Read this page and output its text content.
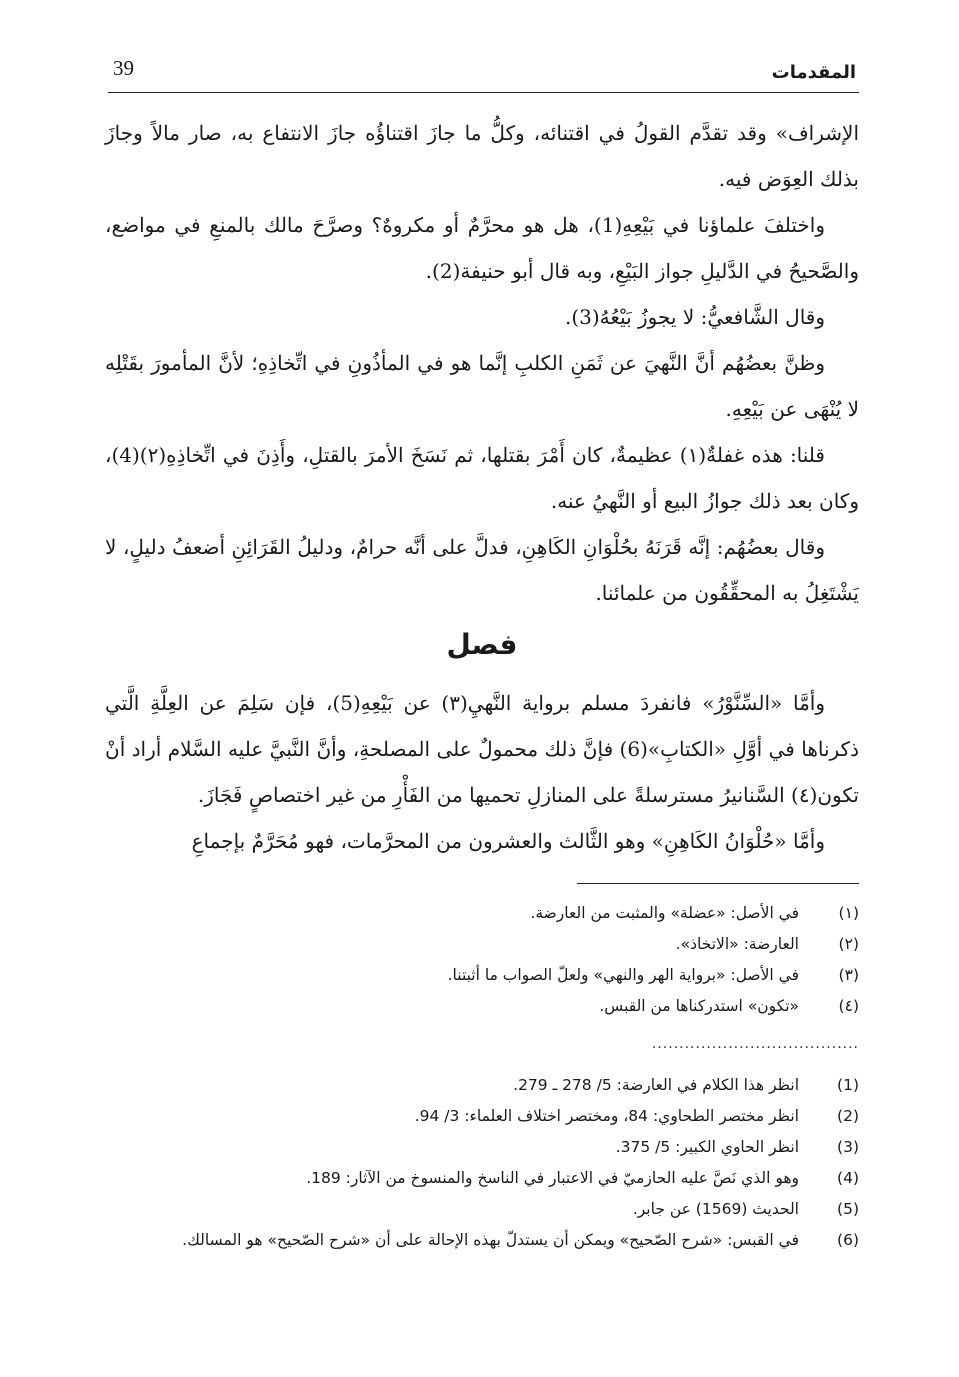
39	المقدمات

الإشراف» وقد تقدَّم القولُ في اقتنائه، وكلُّ ما جازَ اقتناؤُه جازَ الانتفاع به، صار مالاً وجازَ بذلك العِوَض فيه.

واختلفَ علماؤنا في بَيْعِهِ(1)، هل هو محرَّمٌ أو مكروهٌ؟ وصرَّحَ مالك بالمنعِ في مواضع، والصَّحيحُ في الدَّليلِ جواز البَيْعِ، وبه قال أبو حنيفة(2).

وقال الشَّافعيُّ: لا يجوزُ بَيْعُهُ(3).

وظنَّ بعضُهُم أنَّ النَّهيَ عن ثَمَنِ الكلبِ إنَّما هو في المأذُونِ في اتِّخاذِهِ؛ لأنَّ المأمورَ بقَتْلِه لا يُنْهَى عن بَيْعِهِ.

قلنا: هذه غفلةٌ(١) عظيمةٌ، كان أَمْرَ بقتلها، ثم نَسَخَ الأمرَ بالقتلِ، وأَذِنَ في اتِّخاذِهِ(٢)(4)، وكان بعد ذلك جوازُ البيع أو النَّهيُ عنه.

وقال بعضُهُم: إنَّه قَرَنَهُ بحُلْوَانِ الكَاهِنِ، فدلَّ على أنَّه حرامٌ، ودليلُ القَرَائِنِ أضعفُ دليلٍ، لا يَشْتَغِلُ به المحقِّقُون من علمائنا.

فصل

وأمَّا «السِّنَّوْرُ» فانفردَ مسلم برواية النَّهيِ(٣) عن بَيْعِهِ(5)، فإن سَلِمَ عن العِلَّةِ الَّتي ذكرناها في أوَّلِ «الكتابِ»(6) فإنَّ ذلك محمولٌ على المصلحةِ، وأنَّ النَّبيَّ عليه السَّلام أراد أنْ تكون(٤) السَّنانيرُ مسترسلةً على المنازلِ تحميها من الفَأْرِ من غير اختصاصٍ فَجَازَ.

وأمَّا «حُلْوَانُ الكَاهِنِ» وهو الثَّالث والعشرون من المحرَّمات، فهو مُحَرَّمٌ بإجماعِ

(١)
في الأصل: «عضلة» والمثبت من العارضة.
(٢)
العارضة: «الاتخاذ».
(٣)
في الأصل: «برواية الهر والنهي» ولعلّ الصواب ما أثبتنا.
(٤)
«تكون» استدركناها من القبس.
......................................
(1)
انظر هذا الكلام في العارضة: 5/ 278 ـ 279.
(2)
انظر مختصر الطحاوي: 84، ومختصر اختلاف العلماء: 3/ 94.
(3)
انظر الحاوي الكبير: 5/ 375.
(4)
وهو الذي نَصَّ عليه الحازميّ في الاعتبار في الناسخ والمنسوخ من الآثار: 189.
(5)
الحديث (1569) عن جابر.
(6)
في القبس: «شرح الصّحيح» ويمكن أن يستدلّ بهذه الإحالة على أن «شرح الصّحيح» هو المسالك.
